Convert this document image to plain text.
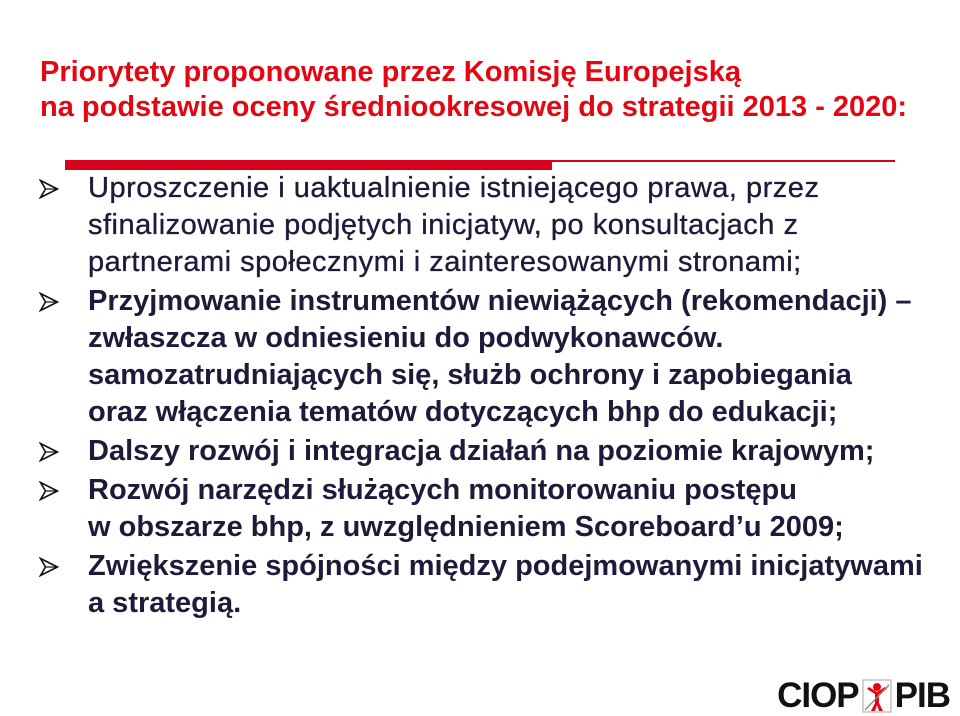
Priorytety proponowane przez Komisję Europejską
na podstawie oceny średniookresowej do strategii 2013 - 2020:
Uproszczenie i uaktualnienie istniejącego prawa, przez
sfinalizowanie podjętych inicjatyw, po konsultacjach z
partnerami społecznymi i zainteresowanymi stronami;
Przyjmowanie instrumentów niewiążących (rekomendacji) –
zwłaszcza w odniesieniu do podwykonawców.
samozatrudniających się, służb ochrony i zapobiegania
oraz włączenia tematów dotyczących bhp do edukacji;
Dalszy rozwój i integracja działań na poziomie krajowym;
Rozwój narzędzi służących monitorowaniu postępu
w obszarze bhp, z uwzględnieniem Scoreboard’u 2009;
Zwiększenie spójności między podejmowanymi inicjatywami
a strategią.
CIOP PIB
